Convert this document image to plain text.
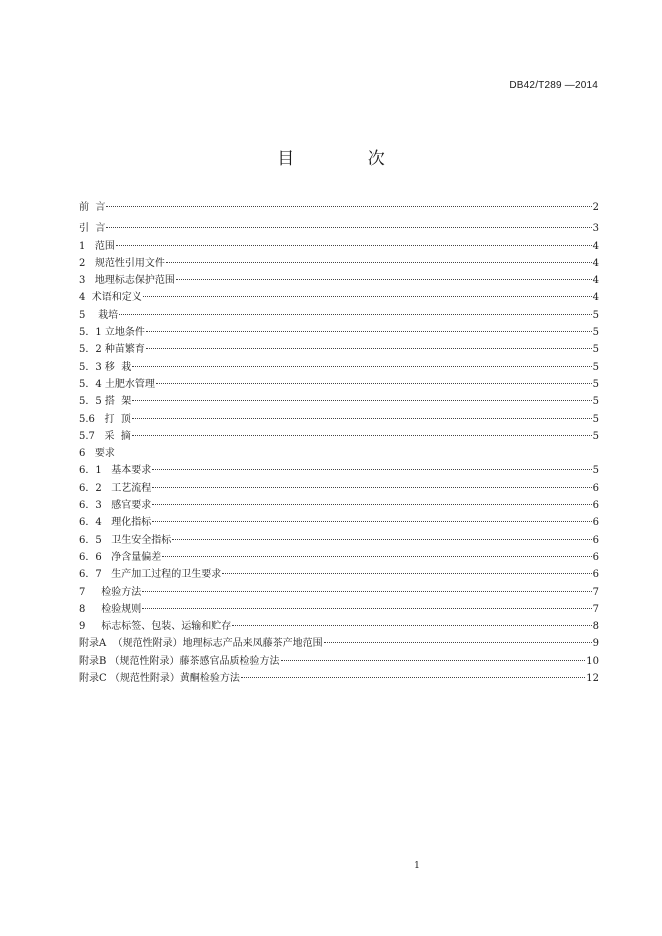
DB42/T289 —2014
目 次
前  言	2
引  言	3
1   范围	4
2   规范性引用文件	4
3   地理标志保护范围	4
4  术语和定义	4
5    栽培	5
5．1 立地条件	5
5．2 种苗繁育	5
5．3 移  栽	5
5．4 土肥水管理	5
5．5 搭  架	5
5.6   打  顶	5
5.7   采  摘	5
6   要求
6．1   基本要求	5
6．2   工艺流程	6
6．3   感官要求	6
6．4   理化指标	6
6．5   卫生安全指标	6
6．6   净含量偏差	6
6．7   生产加工过程的卫生要求	6
7     检验方法	7
8     检验规则	7
9     标志标签、包装、运输和贮存	8
附录A  （规范性附录）地理标志产品来凤藤茶产地范围	9
附录B （规范性附录）藤茶感官品质检验方法	10
附录C （规范性附录）黄酮检验方法	12
1
